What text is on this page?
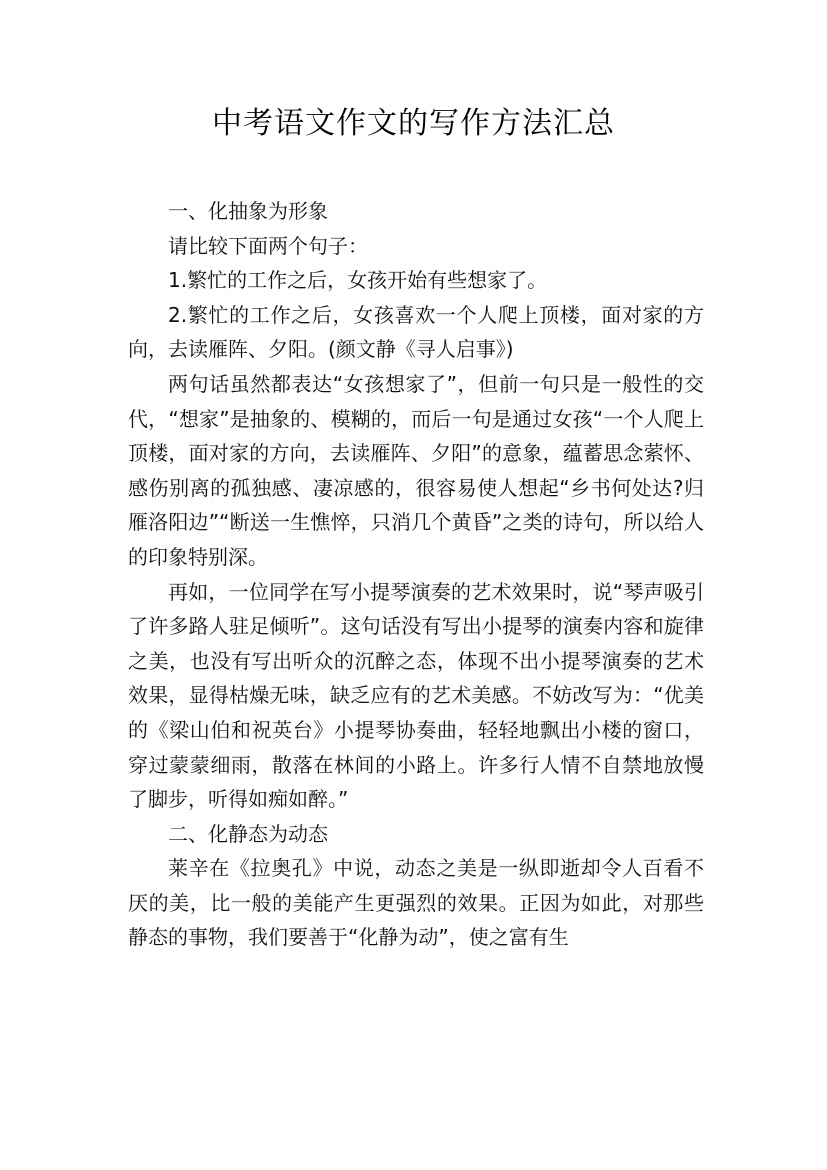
中考语文作文的写作方法汇总

一、化抽象为形象

请比较下面两个句子：

1.繁忙的工作之后，女孩开始有些想家了。

2.繁忙的工作之后，女孩喜欢一个人爬上顶楼，面对家的方向，去读雁阵、夕阳。(颜文静《寻人启事》)

两句话虽然都表达“女孩想家了”，但前一句只是一般性的交代，“想家”是抽象的、模糊的，而后一句是通过女孩“一个人爬上顶楼，面对家的方向，去读雁阵、夕阳”的意象，蕴蓄思念萦怀、感伤别离的孤独感、凄凉感的，很容易使人想起“乡书何处达?归雁洛阳边”“断送一生憔悴，只消几个黄昏”之类的诗句，所以给人的印象特别深。

再如，一位同学在写小提琴演奏的艺术效果时，说“琴声吸引了许多路人驻足倾听”。这句话没有写出小提琴的演奏内容和旋律之美，也没有写出听众的沉醉之态，体现不出小提琴演奏的艺术效果，显得枯燥无味，缺乏应有的艺术美感。不妨改写为：“优美的《梁山伯和祝英台》小提琴协奏曲，轻轻地飘出小楼的窗口，穿过蒙蒙细雨，散落在林间的小路上。许多行人情不自禁地放慢了脚步，听得如痴如醉。”

二、化静态为动态

莱辛在《拉奥孔》中说，动态之美是一纵即逝却令人百看不厌的美，比一般的美能产生更强烈的效果。正因为如此，对那些静态的事物，我们要善于“化静为动”，使之富有生
